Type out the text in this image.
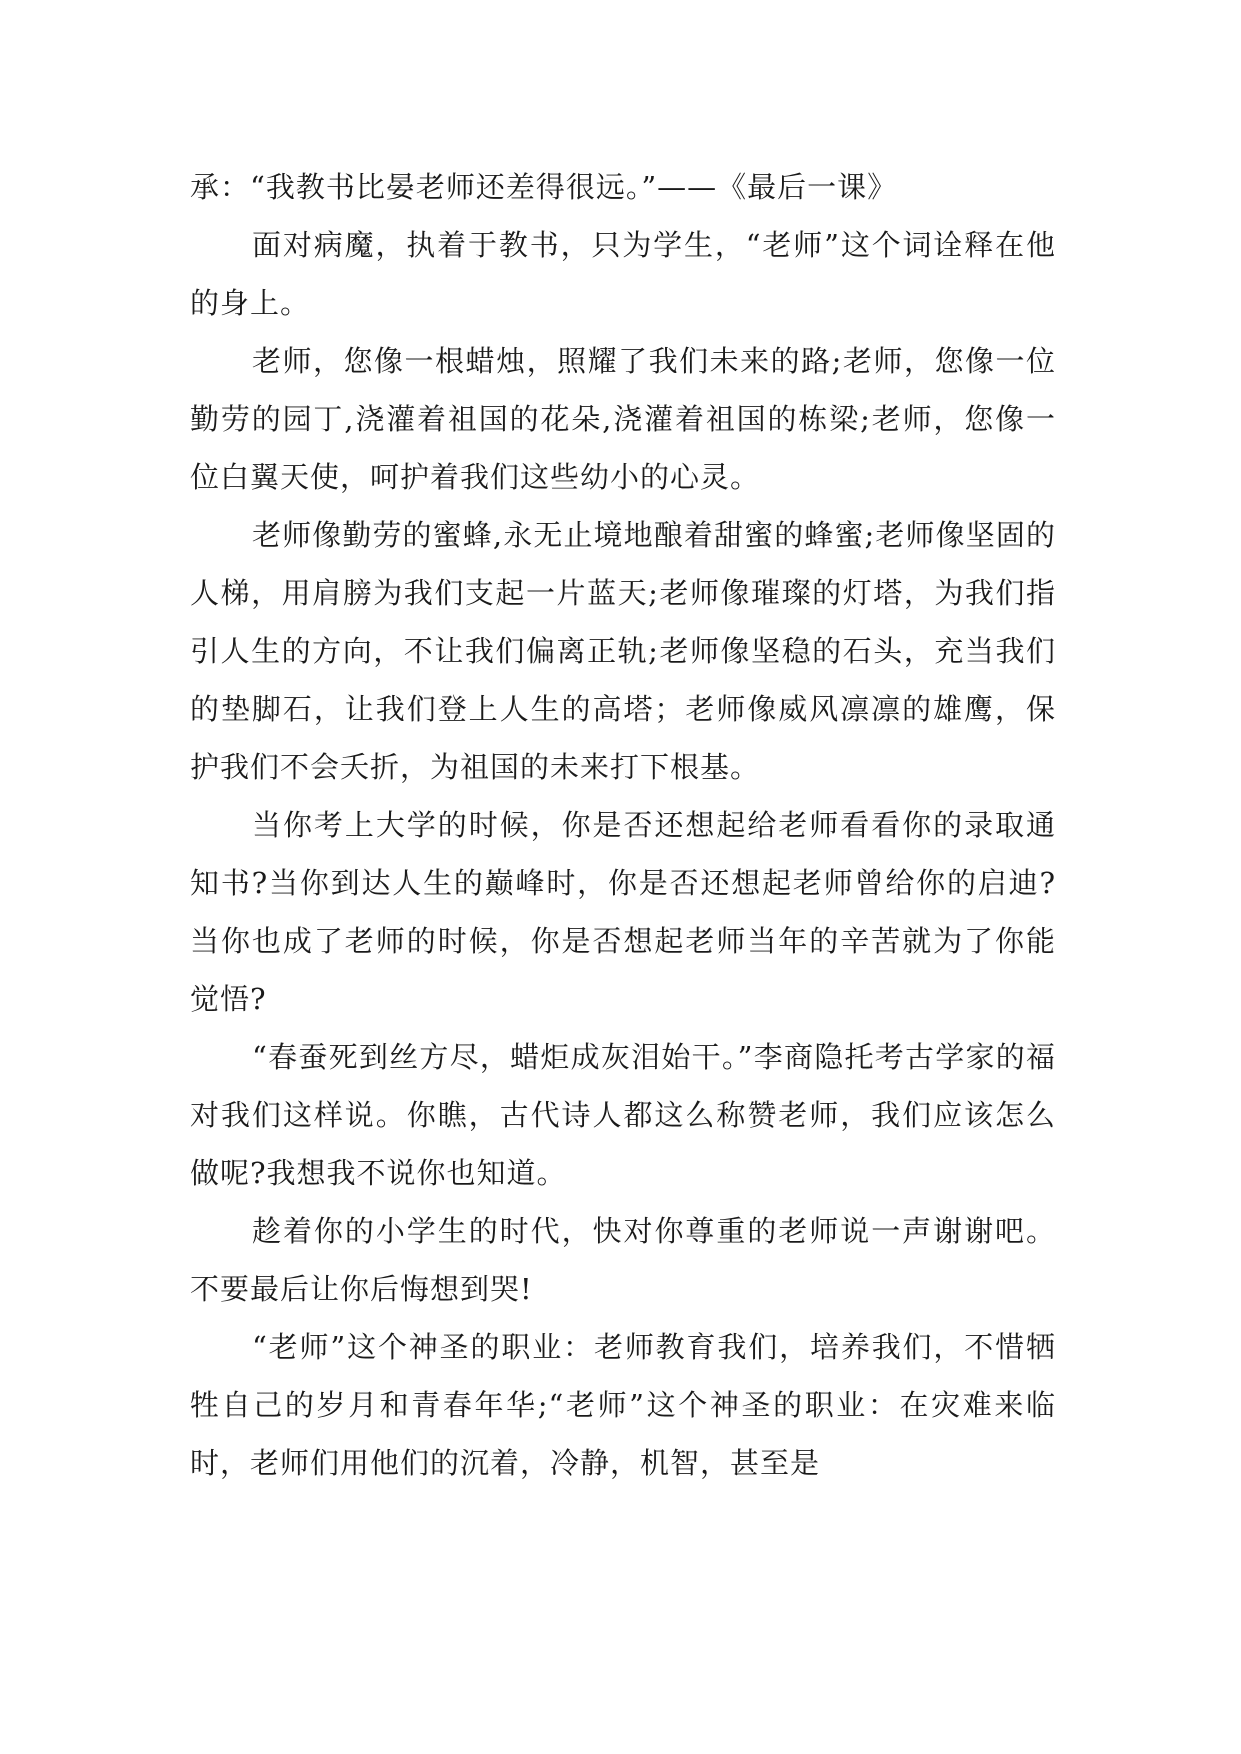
承：“我教书比晏老师还差得很远。”——《最后一课》

面对病魔，执着于教书，只为学生，“老师”这个词诠释在他的身上。

老师，您像一根蜡烛，照耀了我们未来的路;老师，您像一位勤劳的园丁,浇灌着祖国的花朵,浇灌着祖国的栋梁;老师，您像一位白翼天使，呵护着我们这些幼小的心灵。

老师像勤劳的蜜蜂,永无止境地酿着甜蜜的蜂蜜;老师像坚固的人梯，用肩膀为我们支起一片蓝天;老师像璀璨的灯塔，为我们指引人生的方向，不让我们偏离正轨;老师像坚稳的石头，充当我们的垫脚石，让我们登上人生的高塔；老师像威风凛凛的雄鹰，保护我们不会夭折，为祖国的未来打下根基。

当你考上大学的时候，你是否还想起给老师看看你的录取通知书?当你到达人生的巅峰时，你是否还想起老师曾给你的启迪?当你也成了老师的时候，你是否想起老师当年的辛苦就为了你能觉悟?

“春蚕死到丝方尽，蜡炬成灰泪始干。”李商隐托考古学家的福对我们这样说。你瞧，古代诗人都这么称赞老师，我们应该怎么做呢?我想我不说你也知道。

趁着你的小学生的时代，快对你尊重的老师说一声谢谢吧。不要最后让你后悔想到哭!

“老师”这个神圣的职业：老师教育我们，培养我们，不惜牺牲自己的岁月和青春年华;“老师”这个神圣的职业：在灾难来临时，老师们用他们的沉着，冷静，机智，甚至是
